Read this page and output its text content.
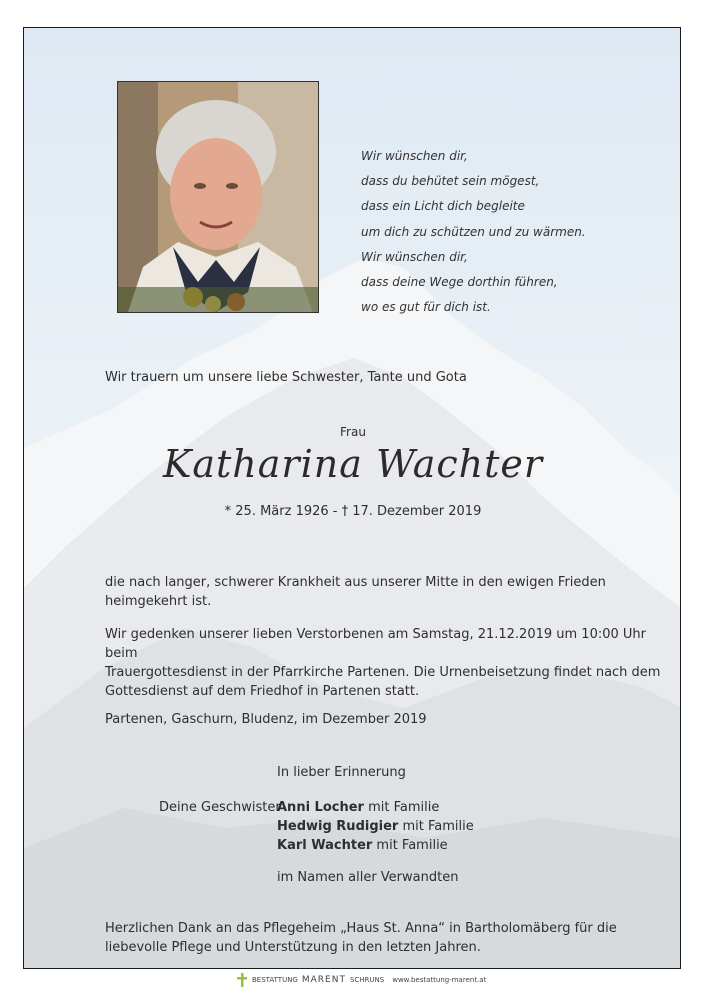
Wir wünschen dir,
dass du behütet sein mögest,
dass ein Licht dich begleite
um dich zu schützen und zu wärmen.
Wir wünschen dir,
dass deine Wege dorthin führen,
wo es gut für dich ist.
Wir trauern um unsere liebe Schwester, Tante und Gota
Frau
Katharina Wachter
* 25. März 1926 - † 17. Dezember 2019
die nach langer, schwerer Krankheit aus unserer Mitte in den ewigen Frieden
heimgekehrt ist.
Wir gedenken unserer lieben Verstorbenen am Samstag, 21.12.2019 um 10:00 Uhr beim
Trauergottesdienst in der Pfarrkirche Partenen. Die Urnenbeisetzung findet nach dem
Gottesdienst auf dem Friedhof in Partenen statt.
Partenen, Gaschurn, Bludenz, im Dezember 2019
In lieber Erinnerung
Deine Geschwister
Anni Locher mit Familie
Hedwig Rudigier mit Familie
Karl Wachter mit Familie
im Namen aller Verwandten
Herzlichen Dank an das Pflegeheim „Haus St. Anna“ in Bartholomäberg für die
liebevolle Pflege und Unterstützung in den letzten Jahren.
BESTATTUNG MARENT SCHRUNS www.bestattung-marent.at
